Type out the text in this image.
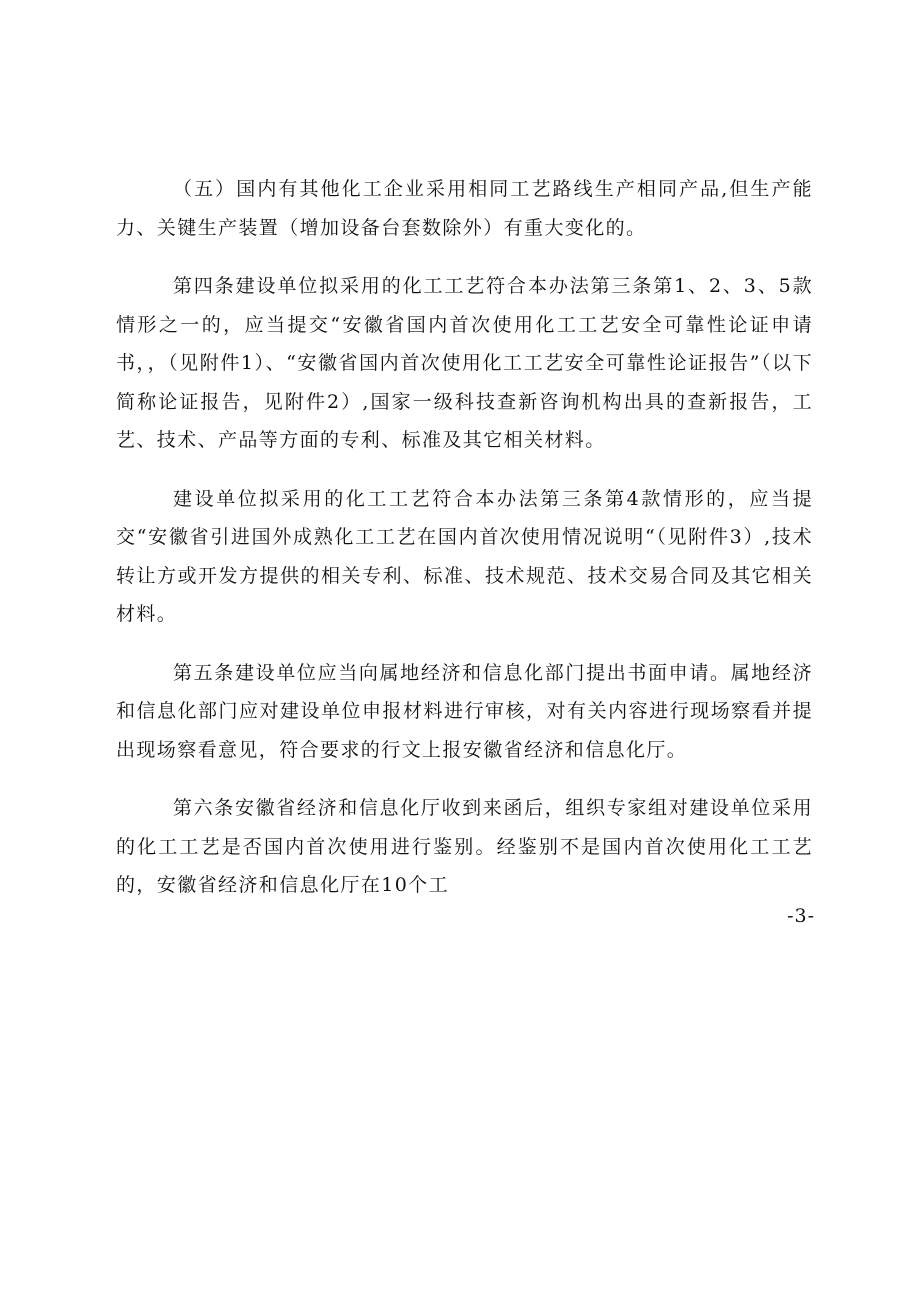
（五）国内有其他化工企业采用相同工艺路线生产相同产品,但生产能力、关键生产装置（增加设备台套数除外）有重大变化的。

第四条建设单位拟采用的化工工艺符合本办法第三条第1、2、3、5款情形之一的，应当提交“安徽省国内首次使用化工工艺安全可靠性论证申请书，，（见附件1）、“安徽省国内首次使用化工工艺安全可靠性论证报告”（以下简称论证报告，见附件2）,国家一级科技查新咨询机构出具的查新报告，工艺、技术、产品等方面的专利、标准及其它相关材料。

建设单位拟采用的化工工艺符合本办法第三条第4款情形的，应当提交“安徽省引进国外成熟化工工艺在国内首次使用情况说明“（见附件3）,技术转让方或开发方提供的相关专利、标准、技术规范、技术交易合同及其它相关材料。

第五条建设单位应当向属地经济和信息化部门提出书面申请。属地经济和信息化部门应对建设单位申报材料进行审核，对有关内容进行现场察看并提出现场察看意见，符合要求的行文上报安徽省经济和信息化厅。

第六条安徽省经济和信息化厅收到来函后，组织专家组对建设单位采用的化工工艺是否国内首次使用进行鉴别。经鉴别不是国内首次使用化工工艺的，安徽省经济和信息化厅在10个工

-3-
